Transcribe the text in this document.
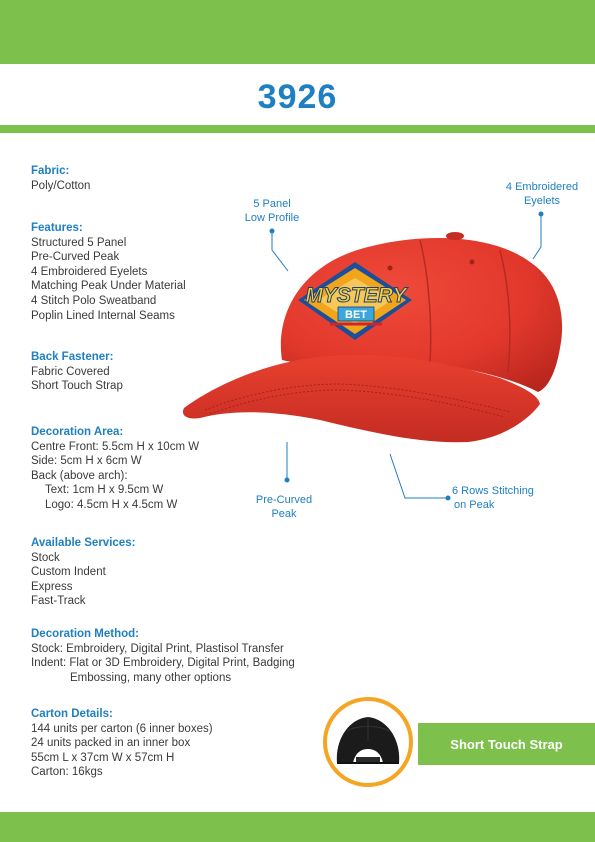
3926
Fabric:
Poly/Cotton
Features:
Structured 5 Panel
Pre-Curved Peak
4 Embroidered Eyelets
Matching Peak Under Material
4 Stitch Polo Sweatband
Poplin Lined Internal Seams
Back Fastener:
Fabric Covered
Short Touch Strap
Decoration Area:
Centre Front: 5.5cm H x 10cm W
Side: 5cm H x 6cm W
Back (above arch):
Text: 1cm H x 9.5cm W
Logo: 4.5cm H x 4.5cm W
Available Services:
Stock
Custom Indent
Express
Fast-Track
Decoration Method:
Stock: Embroidery, Digital Print, Plastisol Transfer
Indent: Flat or 3D Embroidery, Digital Print, Badging
Embossing, many other options
Carton Details:
144 units per carton (6 inner boxes)
24 units packed in an inner box
55cm L x 37cm W x 57cm H
Carton: 16kgs
MYSTERY
BET
5 Panel
Low Profile
4 Embroidered
Eyelets
Pre-Curved
Peak
6 Rows Stitching
on Peak
Short Touch Strap
